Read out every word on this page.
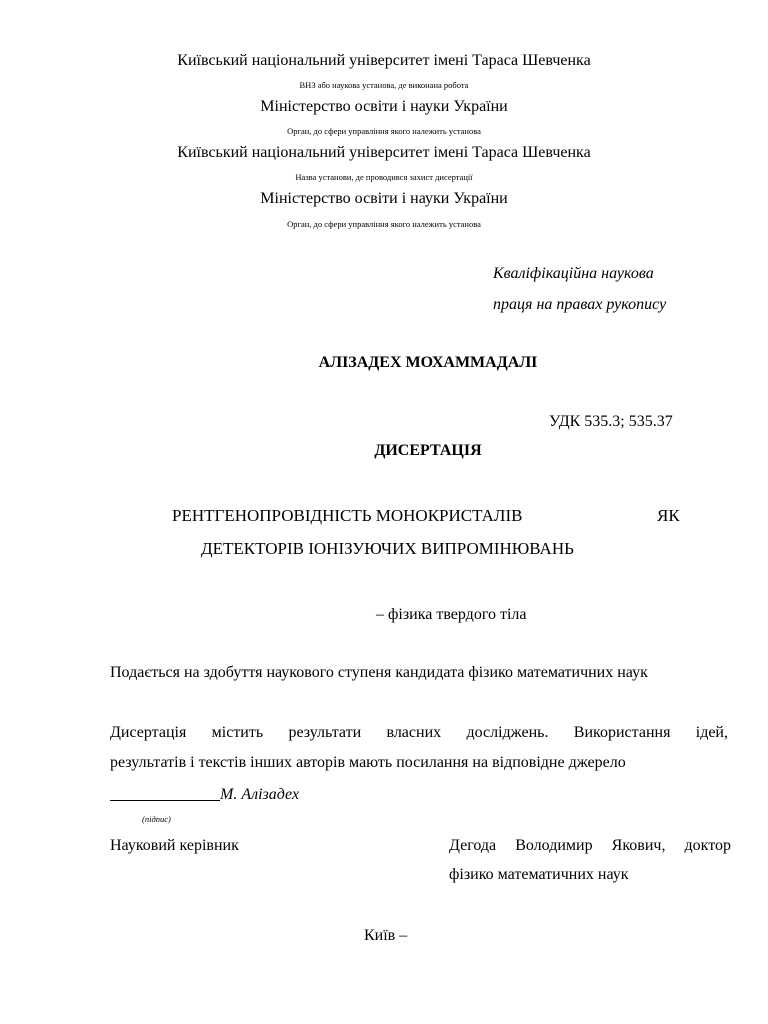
Київський національний університет імені Тараса Шевченка
ВНЗ або наукова установа, де виконана робота
Міністерство освіти і науки України
Орган, до сфери управління якого належить установа
Київський національний університет імені Тараса Шевченка
Назва установи, де проводився захист дисертації
Міністерство освіти і науки України
Орган, до сфери управління якого належить установа
Кваліфікаційна наукова
праця на правах рукопису
АЛІЗАДЕХ МОХАММАДАЛІ
УДК 535.3; 535.37
ДИСЕРТАЦІЯ
РЕНТГЕНОПРОВІДНІСТЬ МОНОКРИСТАЛІВ	ЯК
ДЕТЕКТОРІВ ІОНІЗУЮЧИХ ВИПРОМІНЮВАНЬ
– фізика твердого тіла
Подається на здобуття наукового ступеня кандидата фізико математичних наук
Дисертація містить результати власних досліджень. Використання ідей,
результатів і текстів інших авторів мають посилання на відповідне джерело
М. Алізадех
(підпис)
Науковий керівник	Дегода Володимир Якович, доктор
фізико математичних наук
Київ –
